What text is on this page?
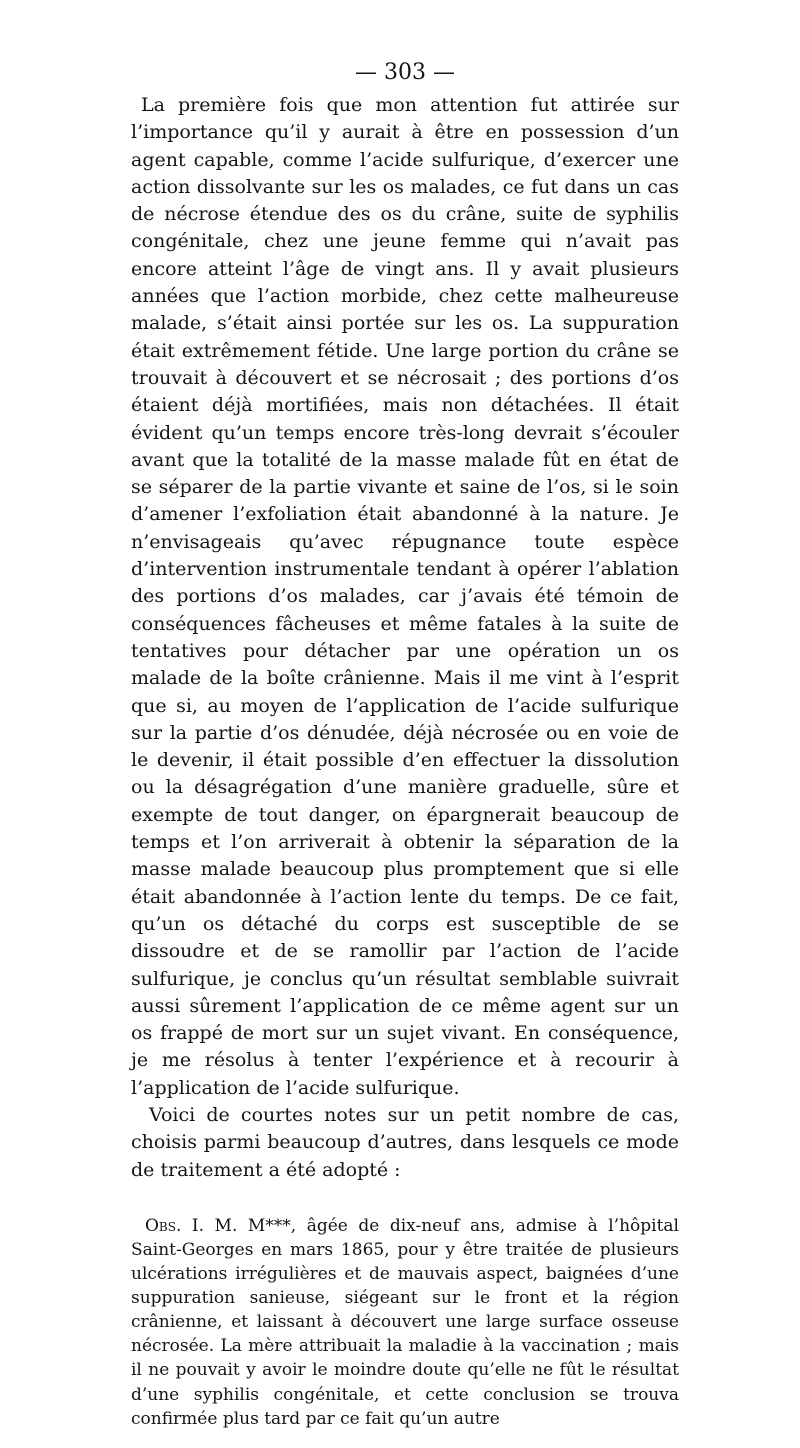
— 303 —

La première fois que mon attention fut attirée sur l’importance qu’il y aurait à être en possession d’un agent capable, comme l’acide sulfurique, d’exercer une action dissolvante sur les os malades, ce fut dans un cas de nécrose étendue des os du crâne, suite de syphilis congénitale, chez une jeune femme qui n’avait pas encore atteint l’âge de vingt ans. Il y avait plusieurs années que l’action morbide, chez cette malheureuse malade, s’était ainsi portée sur les os. La suppuration était extrêmement fétide. Une large portion du crâne se trouvait à découvert et se nécrosait ; des portions d’os étaient déjà mortifiées, mais non détachées. Il était évident qu’un temps encore très-long devrait s’écouler avant que la totalité de la masse malade fût en état de se séparer de la partie vivante et saine de l’os, si le soin d’amener l’exfoliation était abandonné à la nature. Je n’envisageais qu’avec répugnance toute espèce d’intervention instrumentale tendant à opérer l’ablation des portions d’os malades, car j’avais été témoin de conséquences fâcheuses et même fatales à la suite de tentatives pour détacher par une opération un os malade de la boîte crânienne. Mais il me vint à l’esprit que si, au moyen de l’application de l’acide sulfurique sur la partie d’os dénudée, déjà nécrosée ou en voie de le devenir, il était possible d’en effectuer la dissolution ou la désagrégation d’une manière graduelle, sûre et exempte de tout danger, on épargnerait beaucoup de temps et l’on arriverait à obtenir la séparation de la masse malade beaucoup plus promptement que si elle était abandonnée à l’action lente du temps. De ce fait, qu’un os détaché du corps est susceptible de se dissoudre et de se ramollir par l’action de l’acide sulfurique, je conclus qu’un résultat semblable suivrait aussi sûrement l’application de ce même agent sur un os frappé de mort sur un sujet vivant. En conséquence, je me résolus à tenter l’expérience et à recourir à l’application de l’acide sulfurique.

Voici de courtes notes sur un petit nombre de cas, choisis parmi beaucoup d’autres, dans lesquels ce mode de traitement a été adopté :

Obs. I. M. M***, âgée de dix-neuf ans, admise à l’hôpital Saint-Georges en mars 1865, pour y être traitée de plusieurs ulcérations irrégulières et de mauvais aspect, baignées d’une suppuration sanieuse, siégeant sur le front et la région crânienne, et laissant à découvert une large surface osseuse nécrosée. La mère attribuait la maladie à la vaccination ; mais il ne pouvait y avoir le moindre doute qu’elle ne fût le résultat d’une syphilis congénitale, et cette conclusion se trouva confirmée plus tard par ce fait qu’un autre
